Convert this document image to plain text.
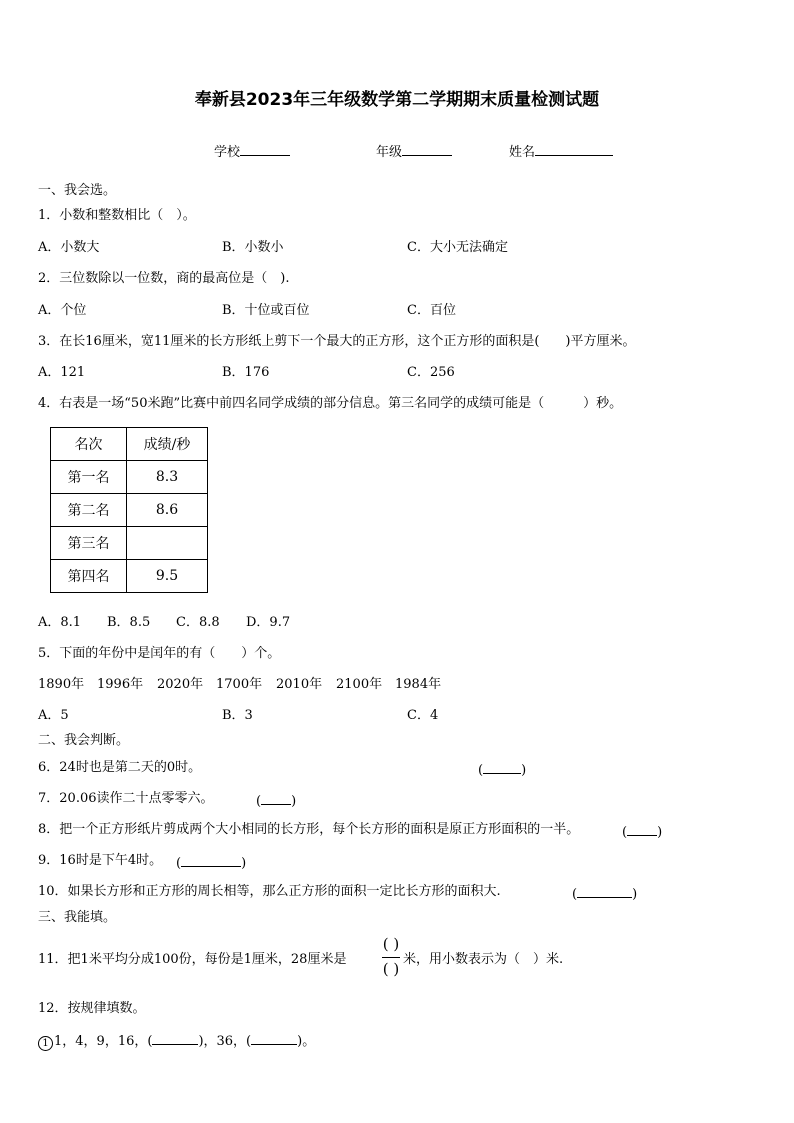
奉新县2023年三年级数学第二学期期末质量检测试题
学校	年级	姓名
一、我会选。
1．小数和整数相比（　）。
A．小数大	B．小数小	C．大小无法确定
2．三位数除以一位数，商的最高位是（　).
A．个位	B．十位或百位	C．百位
3．在长16厘米，宽11厘米的长方形纸上剪下一个最大的正方形，这个正方形的面积是(　　)平方厘米。
A．121	B．176	C．256
4．右表是一场“50米跑”比赛中前四名同学成绩的部分信息。第三名同学的成绩可能是（　　　）秒。
名次	成绩/秒
第一名	8.3
第二名	8.6
第三名	
第四名	9.5
A．8.1 B．8.5 C．8.8 D．9.7
5．下面的年份中是闰年的有（　　）个。
1890年 1996年 2020年 1700年 2010年 2100年 1984年
A．5	B．3	C．4
二、我会判断。
6．24时也是第二天的0时。	(	)
7．20.06读作二十点零零六。	( )
8．把一个正方形纸片剪成两个大小相同的长方形，每个长方形的面积是原正方形面积的一半。	( )
9．16时是下午4时。 (	)
10．如果长方形和正方形的周长相等，那么正方形的面积一定比长方形的面积大.	(	)
三、我能填。
11．把1米平均分成100份，每份是1厘米，28厘米是
( )
( )
米，用小数表示为（　）米.
12．按规律填数。
1 1，4，9，16，(	)，36，(	)。
